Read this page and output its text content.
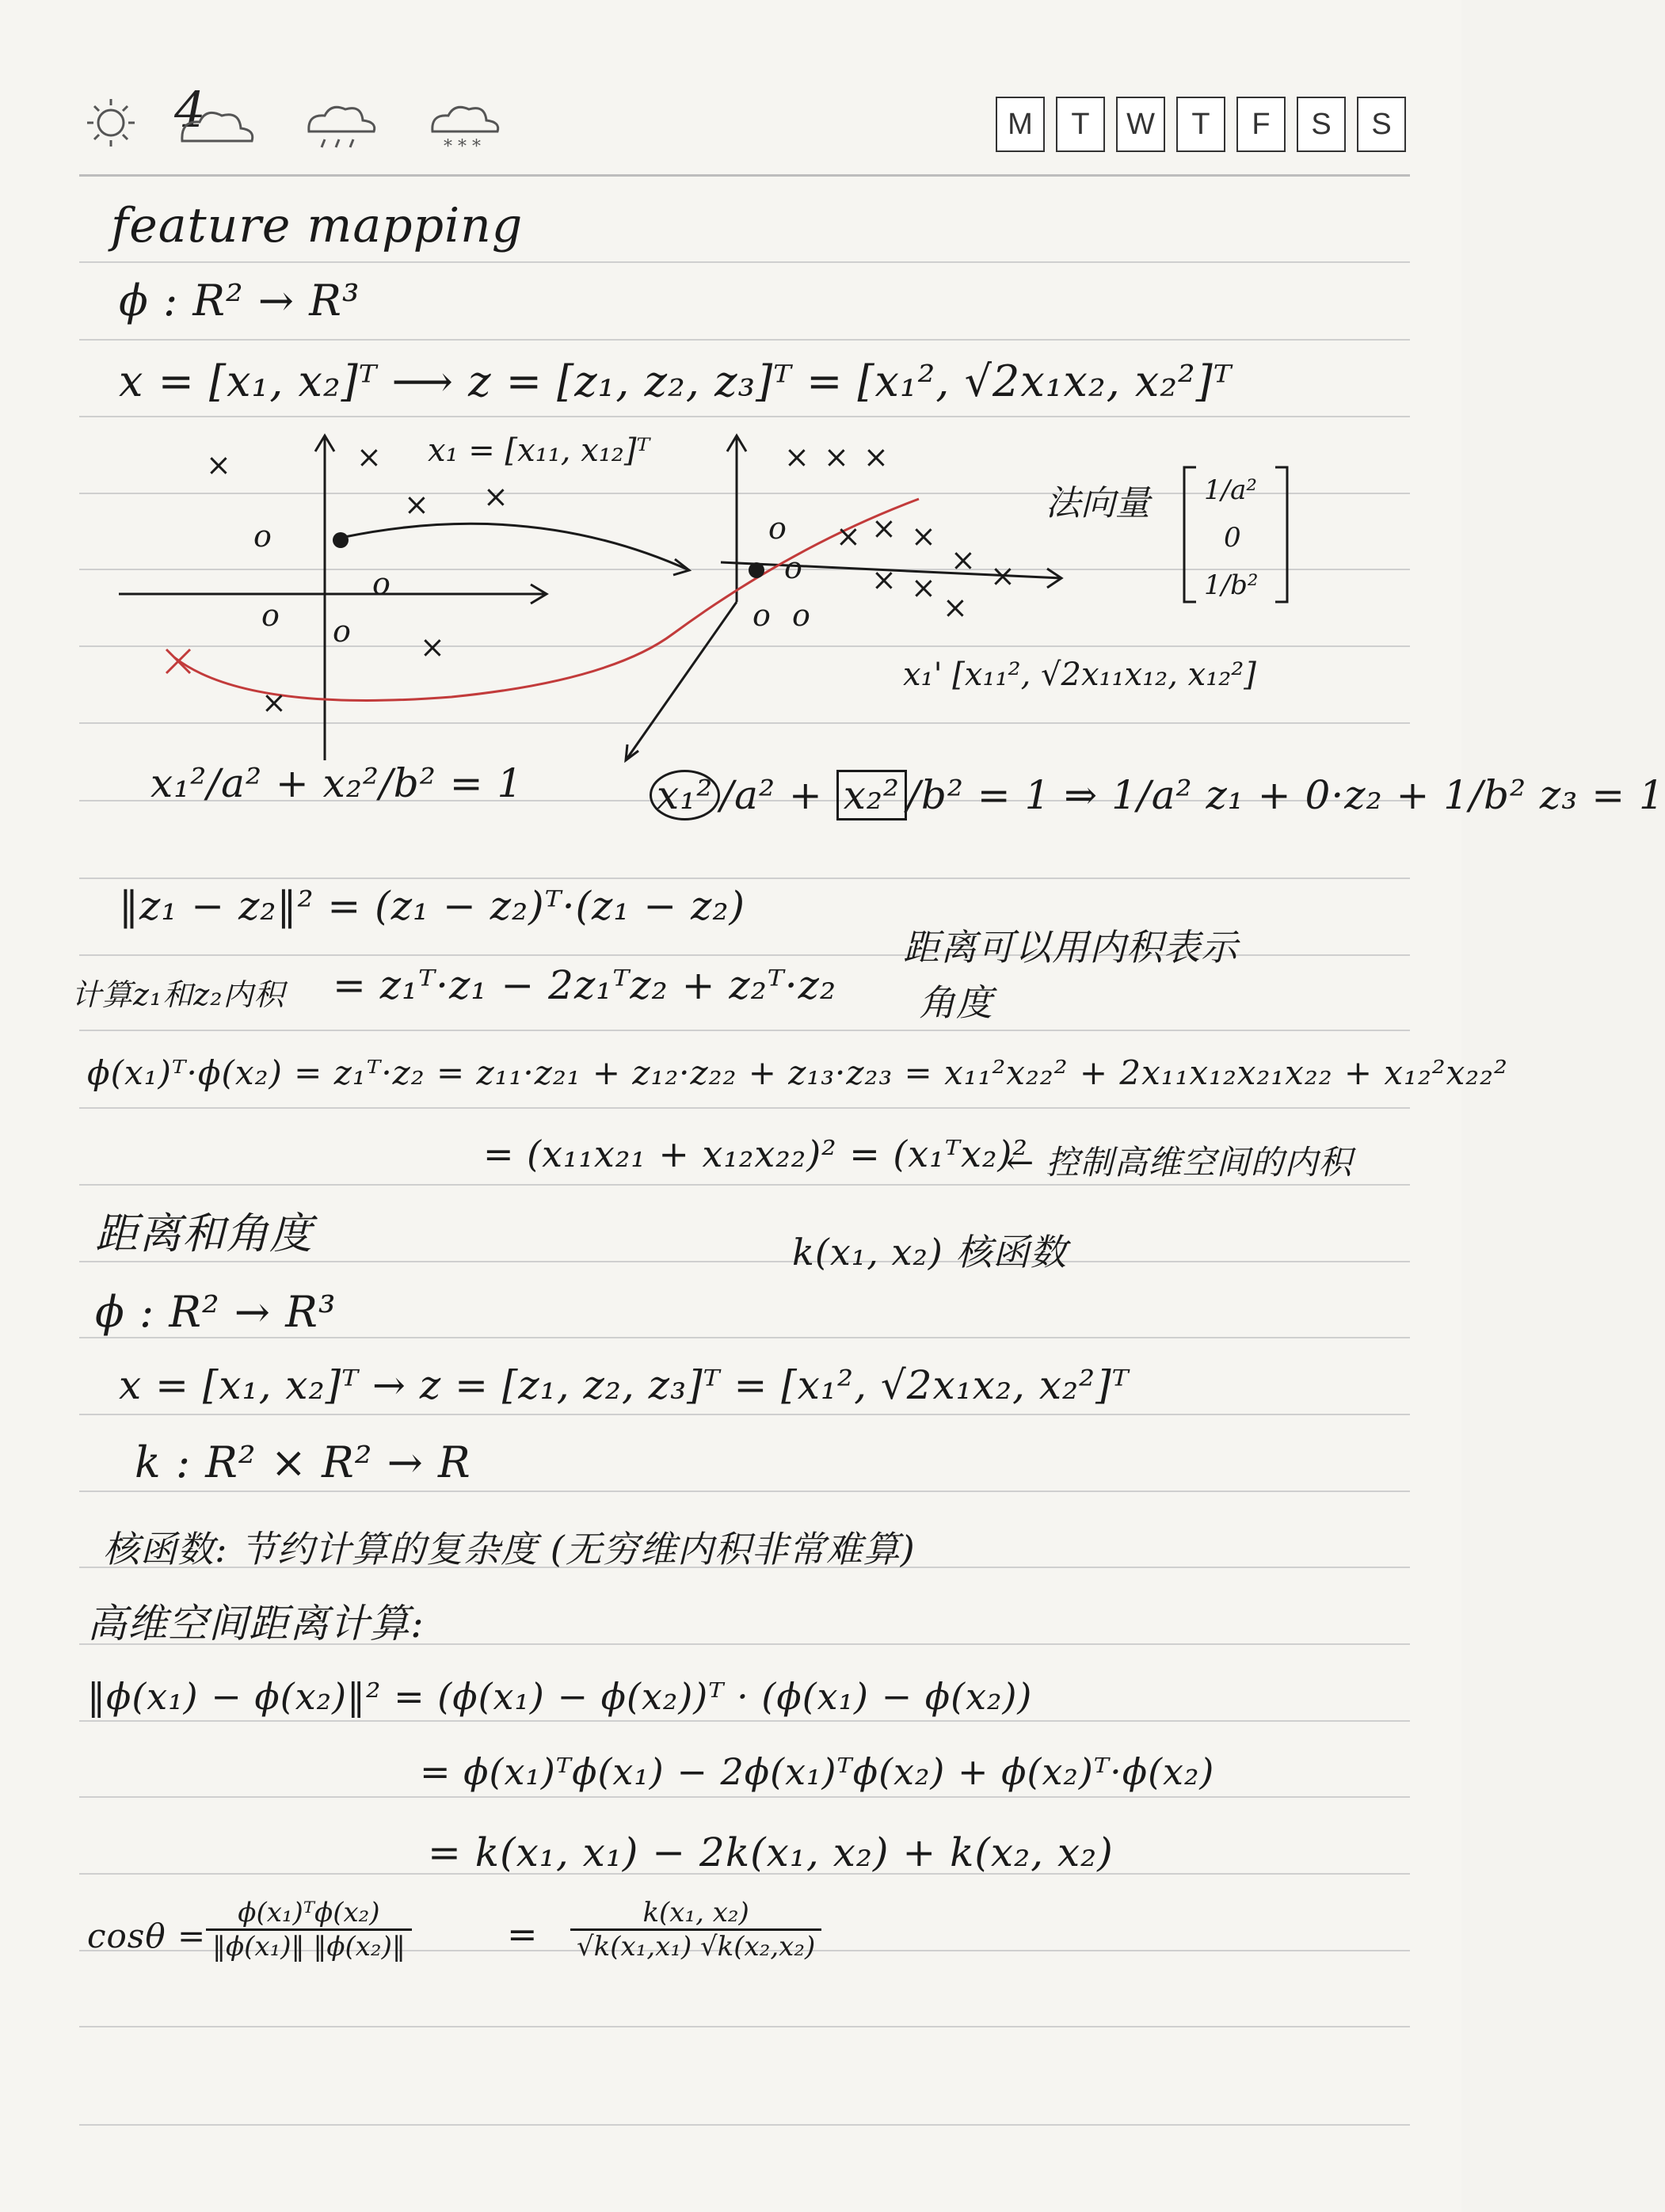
4
* * *
M	T	W	T	F	S	S
feature mapping
ϕ : R² → R³
x = [x₁, x₂]ᵀ ⟶ z = [z₁, z₂, z₃]ᵀ = [x₁², √2x₁x₂, x₂²]ᵀ
×	×
× ×
×
×
o
o o
o	o
o o
o
× × ×
× × ×
× ×
× ×
×
x₁ = [x₁₁, x₁₂]ᵀ
法向量 1/a²
0
1/b²
x₁' [x₁₁², √2x₁₁x₁₂, x₁₂²]
x₁²/a² + x₂²/b² = 1	x₁² /a² + x₂² /b² = 1 ⇒ 1/a² z₁ + 0·z₂ + 1/b² z₃ = 1
‖z₁ − z₂‖² = (z₁ − z₂)ᵀ·(z₁ − z₂)
计算z₁和z₂内积 = z₁ᵀ·z₁ − 2z₁ᵀz₂ + z₂ᵀ·z₂
距离可以用内积表示
角度
ϕ(x₁)ᵀ·ϕ(x₂) = z₁ᵀ·z₂ = z₁₁·z₂₁ + z₁₂·z₂₂ + z₁₃·z₂₃ = x₁₁²x₂₂² + 2x₁₁x₁₂x₂₁x₂₂ + x₁₂²x₂₂²
= (x₁₁x₂₁ + x₁₂x₂₂)² = (x₁ᵀx₂)²
← 控制高维空间的内积
距离和角度	k(x₁, x₂) 核函数
ϕ : R² → R³
x = [x₁, x₂]ᵀ → z = [z₁, z₂, z₃]ᵀ = [x₁², √2x₁x₂, x₂²]ᵀ
k : R² × R² → R
核函数: 节约计算的复杂度 (无穷维内积非常难算)
高维空间距离计算:
‖ϕ(x₁) − ϕ(x₂)‖² = (ϕ(x₁) − ϕ(x₂))ᵀ · (ϕ(x₁) − ϕ(x₂))
= ϕ(x₁)ᵀϕ(x₁) − 2ϕ(x₁)ᵀϕ(x₂) + ϕ(x₂)ᵀ·ϕ(x₂)
= k(x₁, x₁) − 2k(x₁, x₂) + k(x₂, x₂)
$\cos\theta = \frac{\text{ϕ(x₁)ᵀϕ(x₂)}}{\text{‖ϕ(x₁)‖ ‖ϕ(x₂)‖}}$	= $\frac{\text{k(x₁, x₂)}}{\text{√k(x₁,x₁) √k(x₂,x₂)}}$
